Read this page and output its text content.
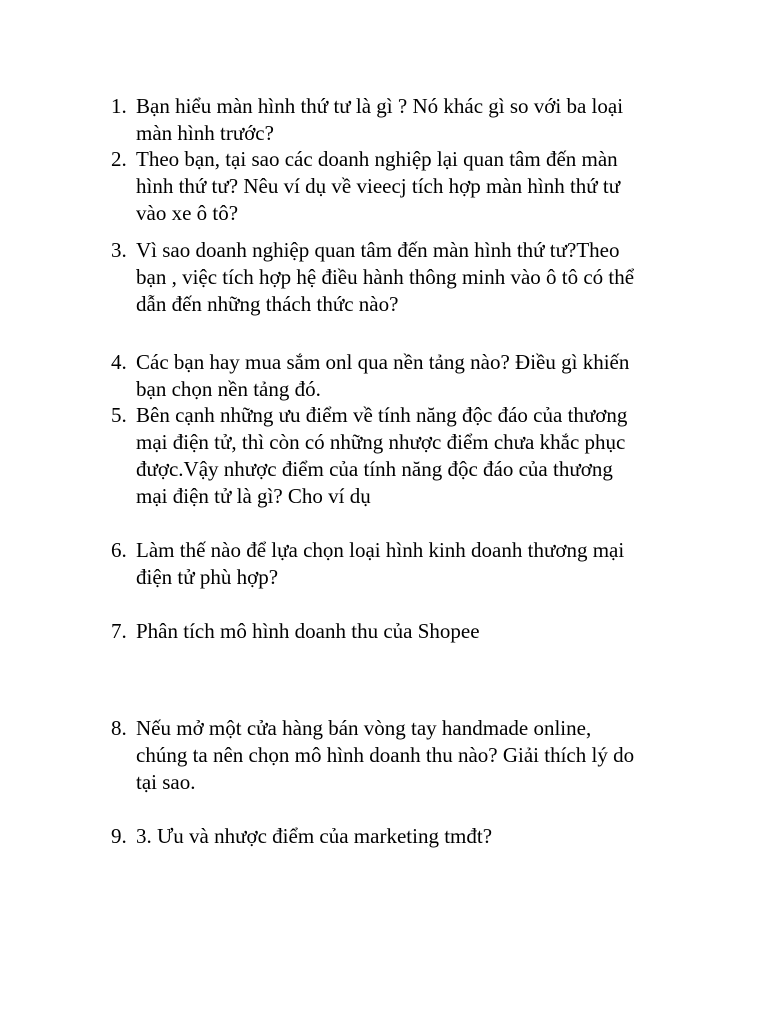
1. Bạn hiểu màn hình thứ tư là gì ? Nó khác gì so với ba loại
màn hình trước?
2. Theo bạn, tại sao các doanh nghiệp lại quan tâm đến màn
hình thứ tư? Nêu ví dụ về vieecj tích hợp màn hình thứ tư
vào xe ô tô?
3. Vì sao doanh nghiệp quan tâm đến màn hình thứ tư?Theo
bạn , việc tích hợp hệ điều hành thông minh vào ô tô có thể
dẫn đến những thách thức nào?
4. Các bạn hay mua sắm onl qua nền tảng nào? Điều gì khiến
bạn chọn nền tảng đó.
5. Bên cạnh những ưu điểm về tính năng độc đáo của thương
mại điện tử, thì còn có những nhược điểm chưa khắc phục
được.Vậy nhược điểm của tính năng độc đáo của thương
mại điện tử là gì? Cho ví dụ
6. Làm thế nào để lựa chọn loại hình kinh doanh thương mại
điện tử phù hợp?
7. Phân tích mô hình doanh thu của Shopee
8. Nếu mở một cửa hàng bán vòng tay handmade online,
chúng ta nên chọn mô hình doanh thu nào? Giải thích lý do
tại sao.
9. 3. Ưu và nhược điểm của marketing tmđt?
